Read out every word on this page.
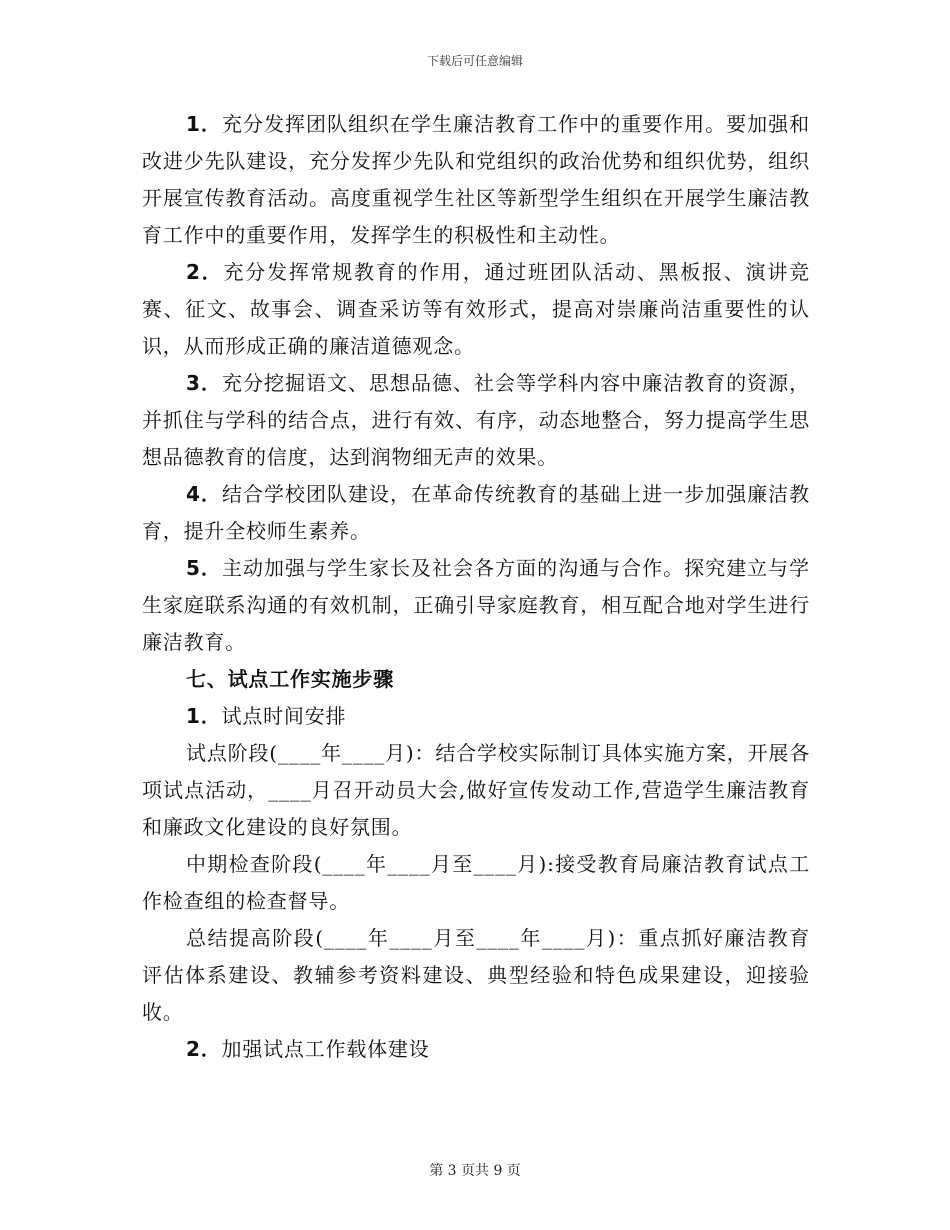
下载后可任意编辑

1．充分发挥团队组织在学生廉洁教育工作中的重要作用。要加强和改进少先队建设，充分发挥少先队和党组织的政治优势和组织优势，组织开展宣传教育活动。高度重视学生社区等新型学生组织在开展学生廉洁教育工作中的重要作用，发挥学生的积极性和主动性。

2．充分发挥常规教育的作用，通过班团队活动、黑板报、演讲竞赛、征文、故事会、调查采访等有效形式，提高对崇廉尚洁重要性的认识，从而形成正确的廉洁道德观念。

3．充分挖掘语文、思想品德、社会等学科内容中廉洁教育的资源，并抓住与学科的结合点，进行有效、有序，动态地整合，努力提高学生思想品德教育的信度，达到润物细无声的效果。

4．结合学校团队建设，在革命传统教育的基础上进一步加强廉洁教育，提升全校师生素养。

5．主动加强与学生家长及社会各方面的沟通与合作。探究建立与学生家庭联系沟通的有效机制，正确引导家庭教育，相互配合地对学生进行廉洁教育。

七、试点工作实施步骤

1．试点时间安排

试点阶段(____年____月)：结合学校实际制订具体实施方案，开展各项试点活动，____月召开动员大会,做好宣传发动工作,营造学生廉洁教育和廉政文化建设的良好氛围。

中期检查阶段(____年____月至____月):接受教育局廉洁教育试点工作检查组的检查督导。

总结提高阶段(____年____月至____年____月)：重点抓好廉洁教育评估体系建设、教辅参考资料建设、典型经验和特色成果建设，迎接验收。

2．加强试点工作载体建设

第 3 页共 9 页
